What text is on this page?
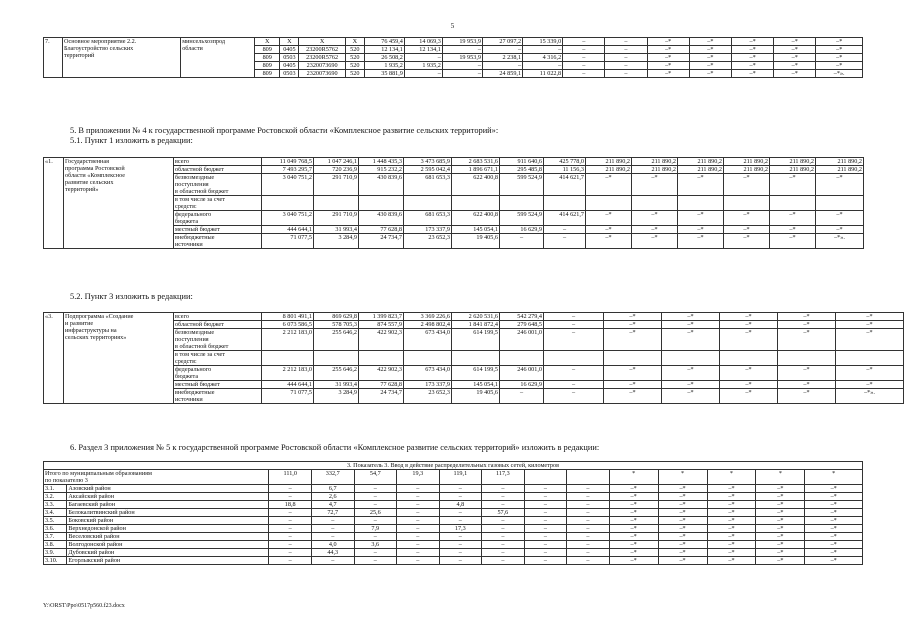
5
7.	Основное мероприятие 2.2.
Благоустройство сельских
территорий	минсельхозпрод
области	Х	Х	Х	Х	76 459,4	14 069,3	19 953,9	27 097,2	15 339,0	–	–	–*	–*	–*	–*	–*
			809	0405	23200R5762	520	12 134,1	12 134,1	–	–	–	–	–	–*	–*	–*	–*	–*
			809	0503	23200R5762	520	26 508,2	–	19 953,9	2 238,1	4 316,2	–	–	–*	–*	–*	–*	–*
			809	0405	2320073690	520	1 935,2	1 935,2	–	–	–	–	–	–*	–*	–*	–*	–*
			809	0503	2320073690	520	35 881,9	–	–	24 859,1	11 022,8	–	–	–*	–*	–*	–*	–*».
5. В приложении № 4 к государственной программе Ростовской области «Комплексное развитие сельских территорий»:
5.1. Пункт 1 изложить в редакции:
«1.	Государственная
программа Ростовской
области «Комплексное
развитие сельских
территорий»	всего	11 049 768,5	1 047 246,1	1 448 435,3	3 473 685,9	2 683 531,6	911 640,6	425 778,0	211 890,2	211 890,2	211 890,2	211 890,2	211 890,2	211 890,2
		областной бюджет	7 493 295,7	720 236,9	915 232,2	2 595 042,4	1 896 671,1	295 485,8	11 156,3	211 890,2	211 890,2	211 890,2	211 890,2	211 890,2	211 890,2
		безвозмездные
поступления
в областной бюджет	3 040 751,2	291 710,9	430 839,6	681 653,3	622 400,8	599 524,9	414 621,7	–*	–*	–*	–*	–*	–*
		в том числе за счет
средств:													
		федерального
бюджета	3 040 751,2	291 710,9	430 839,6	681 653,3	622 400,8	599 524,9	414 621,7	–*	–*	–*	–*	–*	–*
		местный бюджет	444 644,1	31 993,4	77 628,8	173 337,9	145 054,1	16 629,9	–	–*	–*	–*	–*	–*	–*
		внебюджетные
источники	71 077,5	3 284,9	24 734,7	23 652,3	19 405,6	–	–	–*	–*	–*	–*	–*	–*».
5.2. Пункт 3 изложить в редакции:
«3.	Подпрограмма «Создание
и развитие
инфраструктуры на
сельских территориях»	всего	8 801 491,1	869 629,8	1 399 823,7	3 369 226,6	2 620 531,6	542 279,4	–	–*	–*	–*	–*	–*
		областной бюджет	6 073 586,5	578 705,3	874 557,9	2 498 802,4	1 841 872,4	279 648,5	–	–*	–*	–*	–*	–*
		безвозмездные
поступления
в областной бюджет	2 212 183,0	255 646,2	422 902,3	673 434,0	614 199,5	246 001,0	–	–*	–*	–*	–*	–*
		в том числе за счет
средств:												
		федерального
бюджета	2 212 183,0	255 646,2	422 902,3	673 434,0	614 199,5	246 001,0	–	–*	–*	–*	–*	–*
		местный бюджет	444 644,1	31 993,4	77 628,8	173 337,9	145 054,1	16 629,9	–	–*	–*	–*	–*	–*
		внебюджетные
источники	71 077,5	3 284,9	24 734,7	23 652,3	19 405,6	–	–	–*	–*	–*	–*	–*».
6. Раздел 3 приложения № 5 к государственной программе Ростовской области «Комплексное развитие сельских территорий» изложить в редакции:
3. Показатель 3. Ввод в действие распределительных газовых сетей, километров														
Итого по муниципальным образованиям
по показателю 3		111,0	332,7	54,7	19,3	119,1	117,3			*	*	*	*	*
3.1.	Азовский район	–	6,7	–	–	–	–	–	–	–*	–*	–*	–*	–*
3.2.	Аксайский район	–	2,6	–	–	–	–	–	–	–*	–*	–*	–*	–*
3.3.	Багаевский район	18,8	4,7	–	–	4,8	–	–	–	–*	–*	–*	–*	–*
3.4.	Белокалитвинский район	–	72,7	25,6	–	–	57,6	–	–	–*	–*	–*	–*	–*
3.5.	Боковский район	–	–	–	–	–	–	–	–	–*	–*	–*	–*	–*
3.6.	Верхнедонской район	–	–	7,9	–	17,3	–	–	–	–*	–*	–*	–*	–*
3.7.	Веселовский район	–	–	–	–	–	–	–	–	–*	–*	–*	–*	–*
3.8.	Волгодонской район	–	4,0	3,6	–	–	–	–	–	–*	–*	–*	–*	–*
3.9.	Дубовский район	–	44,3	–	–	–	–	–	–	–*	–*	–*	–*	–*
3.10.	Егорлыкский район	–	–	–	–	–	–	–	–	–*	–*	–*	–*	–*
Y:\ORST\Ppo\0517p560.f23.docx
